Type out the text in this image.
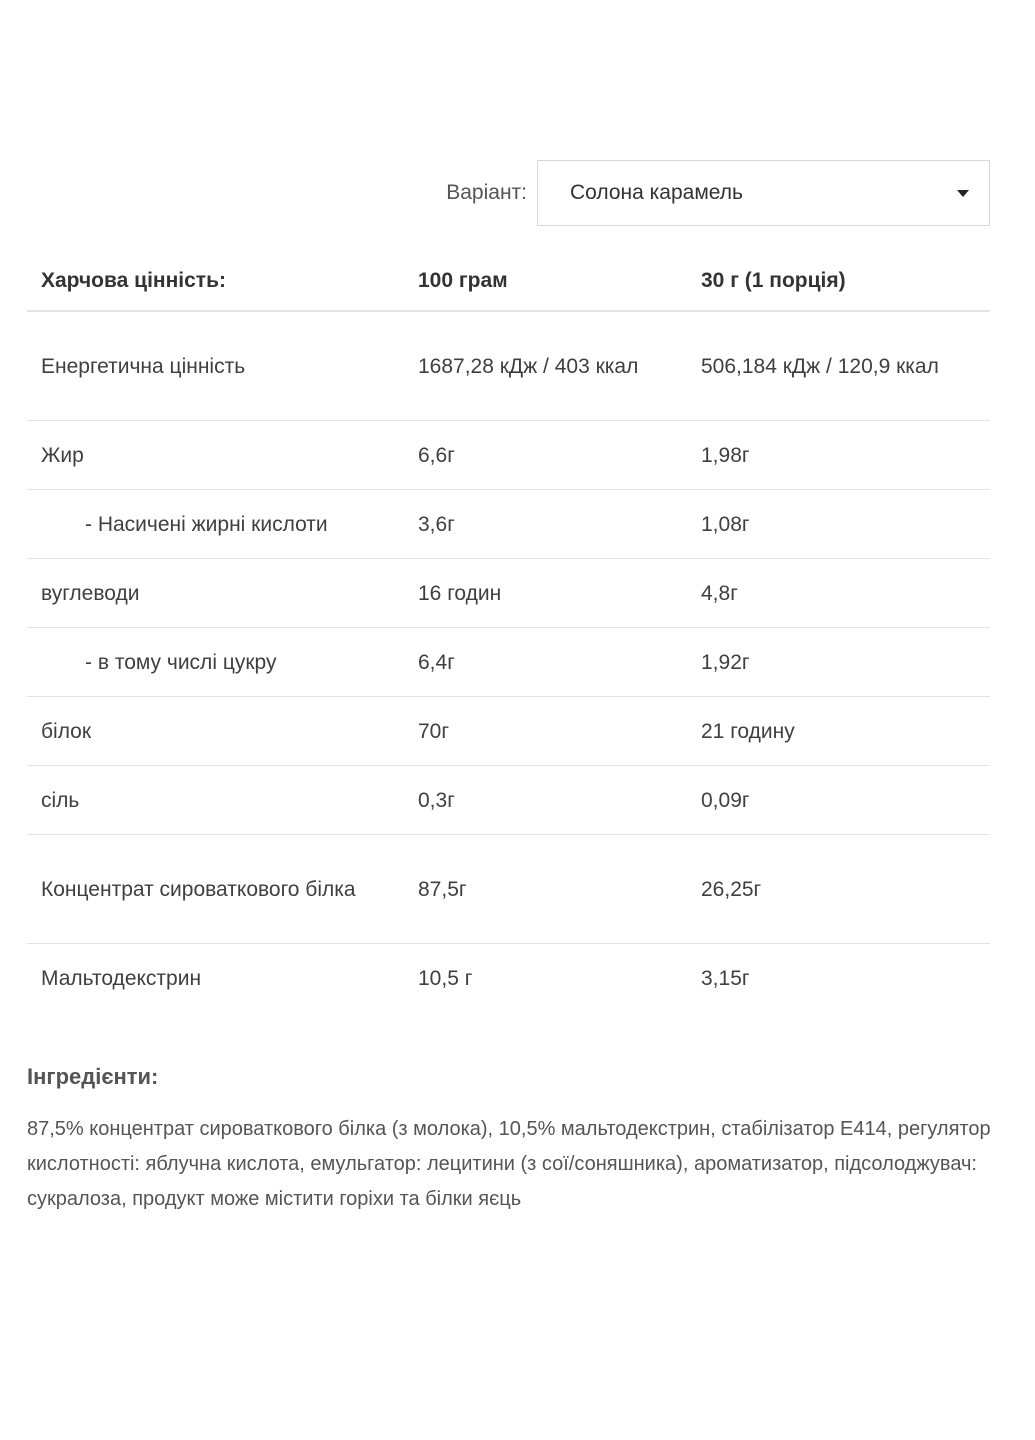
Варіант: Солона карамель
Харчова цінність:	100 грам	30 г (1 порція)
Енергетична цінність	1687,28 кДж / 403 ккал	506,184 кДж / 120,9 ккал
Жир	6,6г	1,98г
- Насичені жирні кислоти	3,6г	1,08г
вуглеводи	16 годин	4,8г
- в тому числі цукру	6,4г	1,92г
білок	70г	21 годину
сіль	0,3г	0,09г
Концентрат сироваткового білка	87,5г	26,25г
Мальтодекстрин	10,5 г	3,15г
Інгредієнти:
87,5% концентрат сироваткового білка (з молока), 10,5% мальтодекстрин, стабілізатор E414, регулятор кислотності: яблучна кислота, емульгатор: лецитини (з сої/соняшника), ароматизатор, підсолоджувач: сукралоза, продукт може містити горіхи та білки яєць
